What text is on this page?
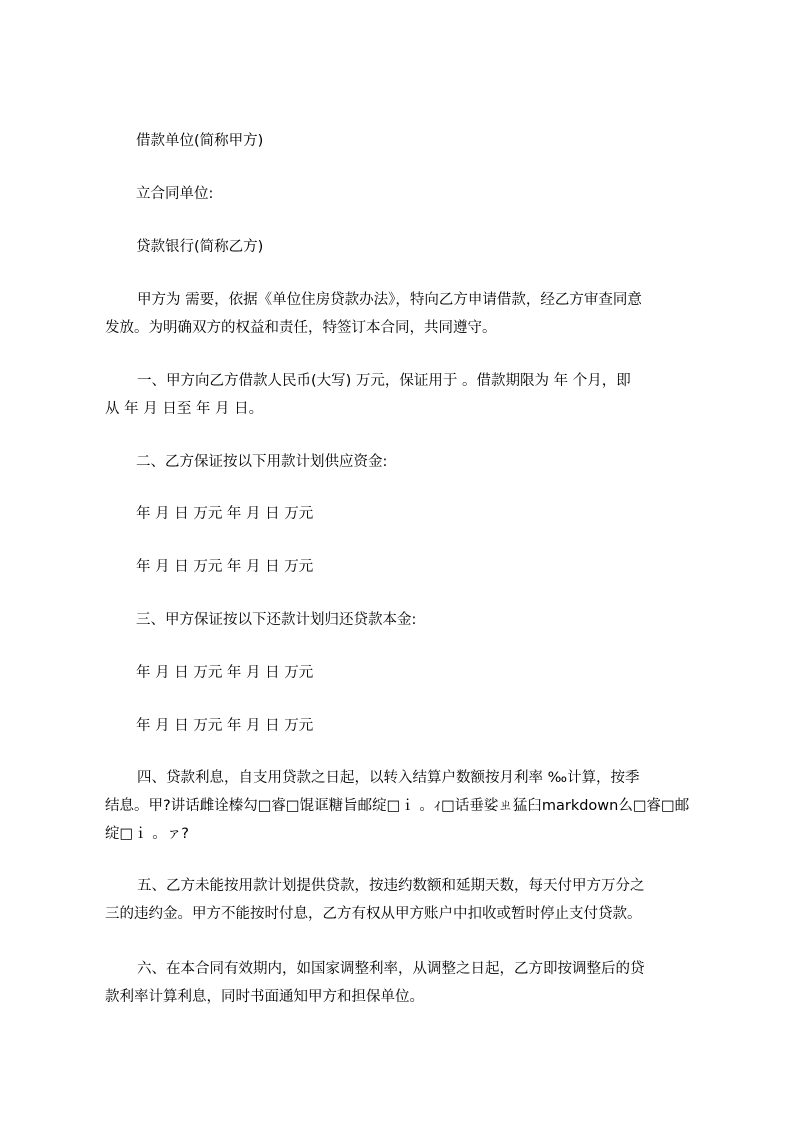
借款单位(简称甲方)

立合同单位:

贷款银行(简称乙方)

甲方为 需要，依据《单位住房贷款办法》，特向乙方申请借款，经乙方审查同意
发放。为明确双方的权益和责任，特签订本合同，共同遵守。
一、甲方向乙方借款人民币(大写) 万元，保证用于 。借款期限为 年 个月，即
从 年 月 日至 年 月 日。

二、乙方保证按以下用款计划供应资金:

年 月 日 万元 年 月 日 万元

年 月 日 万元 年 月 日 万元

三、甲方保证按以下还款计划归还贷款本金:

年 月 日 万元 年 月 日 万元

年 月 日 万元 年 月 日 万元

四、贷款利息，自支用贷款之日起，以转入结算户数额按月利率 ‰计算，按季
结息。甲?讲话雌诠榛勾□睿□馄诓糖旨邮绽□ｉ 。ｨ□话垂娑ㄓ猛臼markdown么□睿□邮
绽□ｉ 。ァ?
五、乙方未能按用款计划提供贷款，按违约数额和延期天数，每天付甲方万分之
三的违约金。甲方不能按时付息，乙方有权从甲方账户中扣收或暂时停止支付贷款。
六、在本合同有效期内，如国家调整利率，从调整之日起，乙方即按调整后的贷
款利率计算利息，同时书面通知甲方和担保单位。
